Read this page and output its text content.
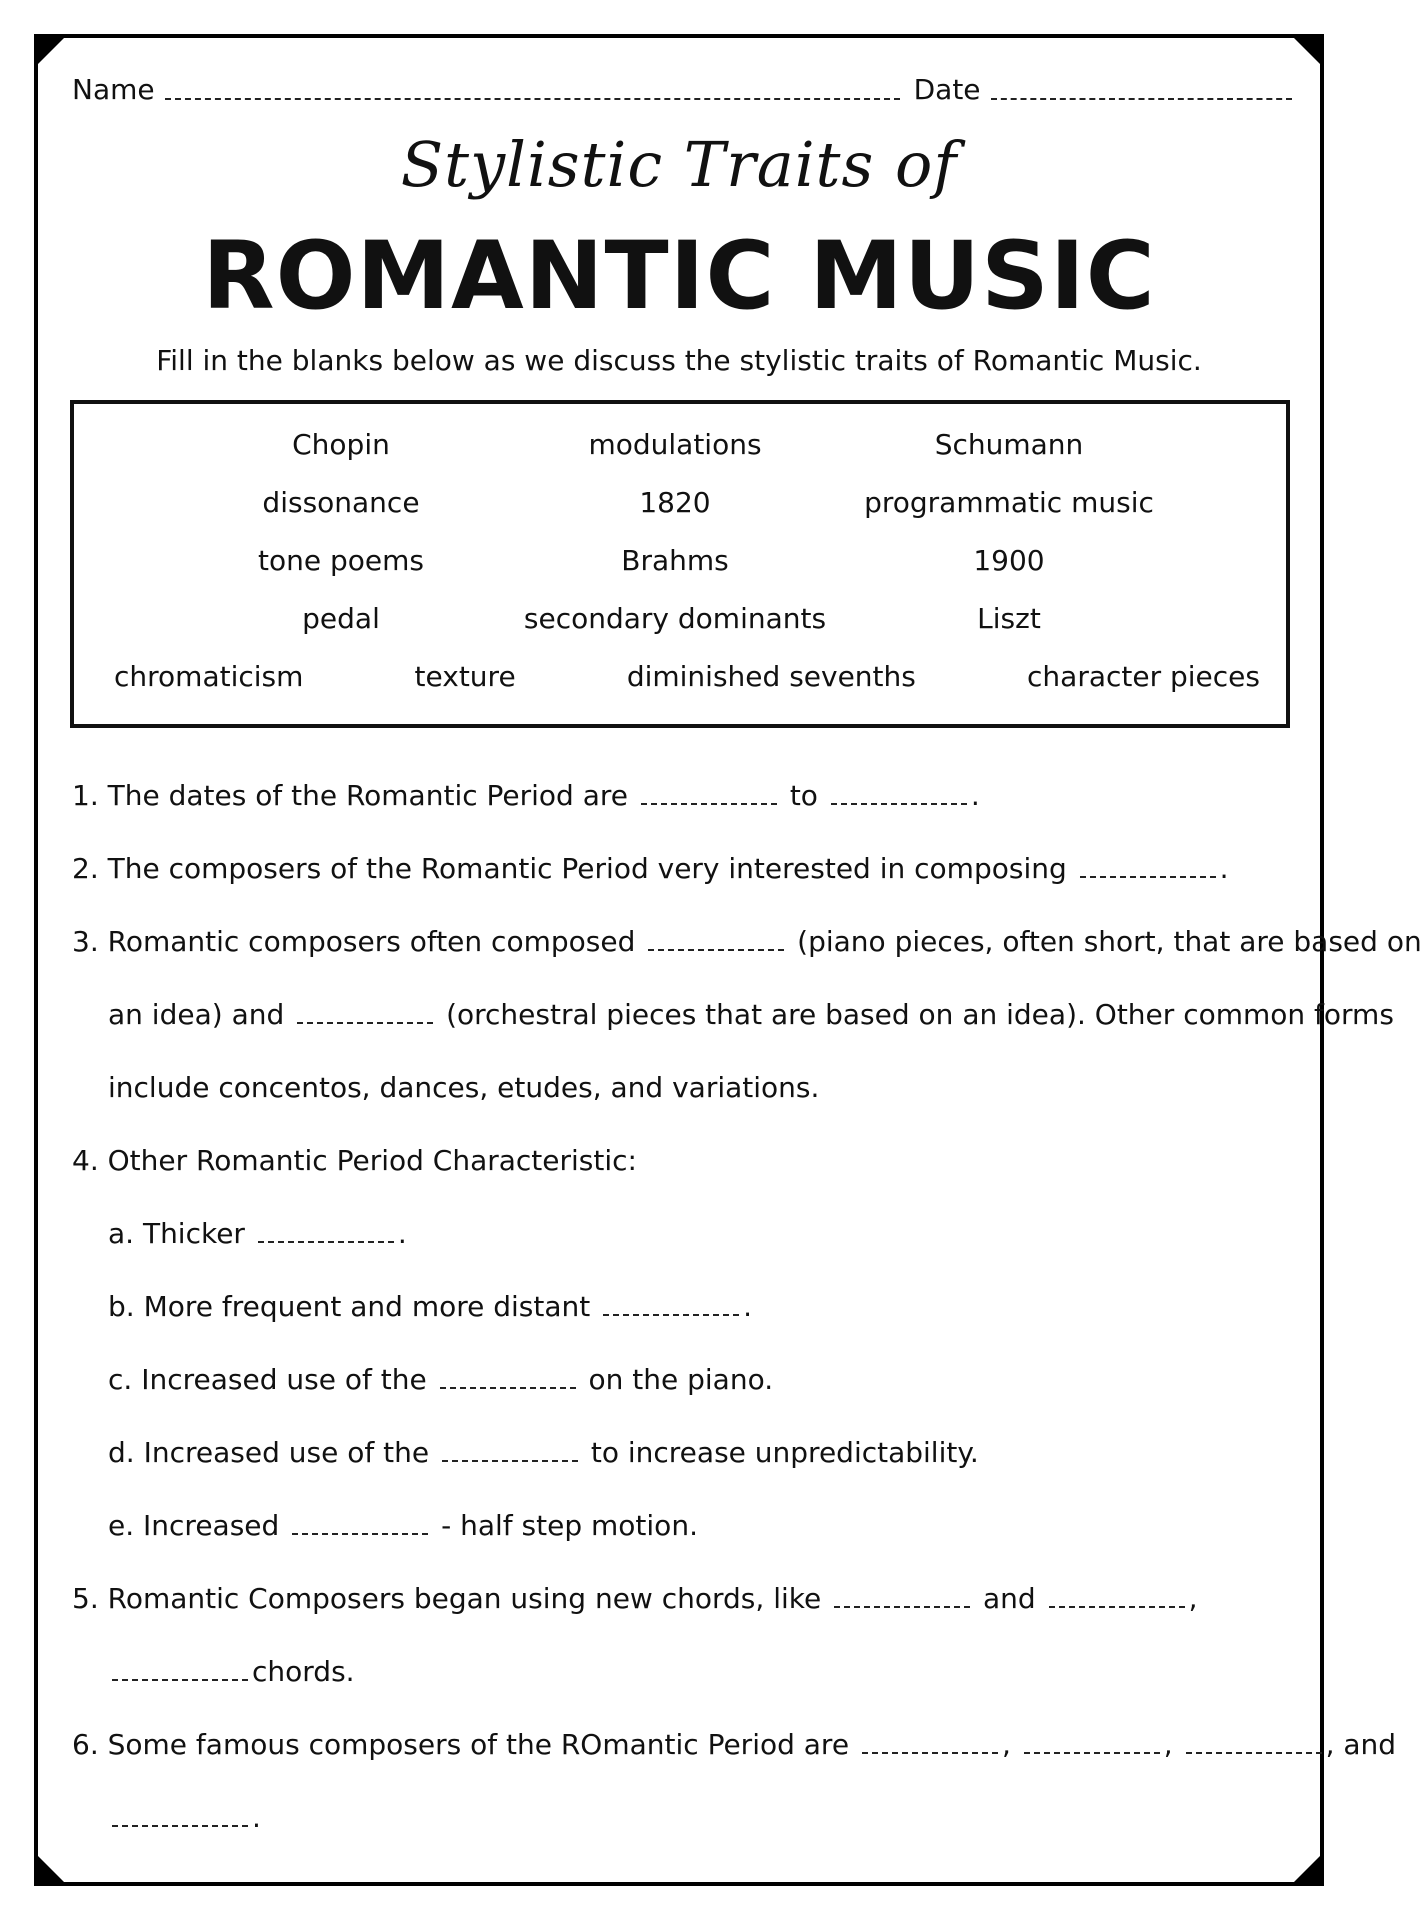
Name	Date
Stylistic Traits of
ROMANTIC MUSIC
Fill in the blanks below as we discuss the stylistic traits of Romantic Music.
Chopin	modulations	Schumann
dissonance	1820	programmatic music
tone poems	Brahms	1900
pedal	secondary dominants	Liszt
chromaticism	texture	diminished sevenths	character pieces
1. The dates of the Romantic Period are	to	.
2. The composers of the Romantic Period very interested in composing	.
3. Romantic composers often composed	(piano pieces, often short, that are based on
an idea) and	(orchestral pieces that are based on an idea). Other common forms
include concentos, dances, etudes, and variations.
4. Other Romantic Period Characteristic:
a. Thicker	.
b. More frequent and more distant	.
c. Increased use of the	on the piano.
d. Increased use of the	to increase unpredictability.
e. Increased	- half step motion.
5. Romantic Composers began using new chords, like	and	,
chords.
6. Some famous composers of the ROmantic Period are	,	,	, and
.
